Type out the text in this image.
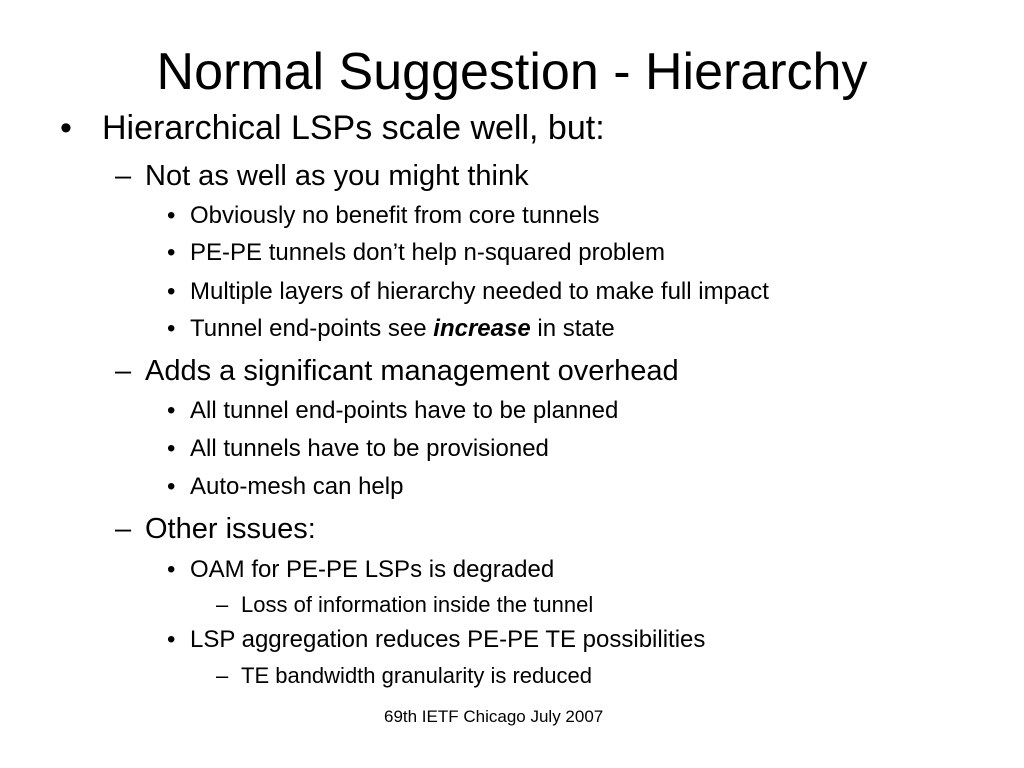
Normal Suggestion - Hierarchy
• Hierarchical LSPs scale well, but:
– Not as well as you might think
• Obviously no benefit from core tunnels
• PE-PE tunnels don’t help n-squared problem
• Multiple layers of hierarchy needed to make full impact
• Tunnel end-points see increase in state
– Adds a significant management overhead
• All tunnel end-points have to be planned
• All tunnels have to be provisioned
• Auto-mesh can help
– Other issues:
• OAM for PE-PE LSPs is degraded
– Loss of information inside the tunnel
• LSP aggregation reduces PE-PE TE possibilities
– TE bandwidth granularity is reduced
69th IETF Chicago July 2007
